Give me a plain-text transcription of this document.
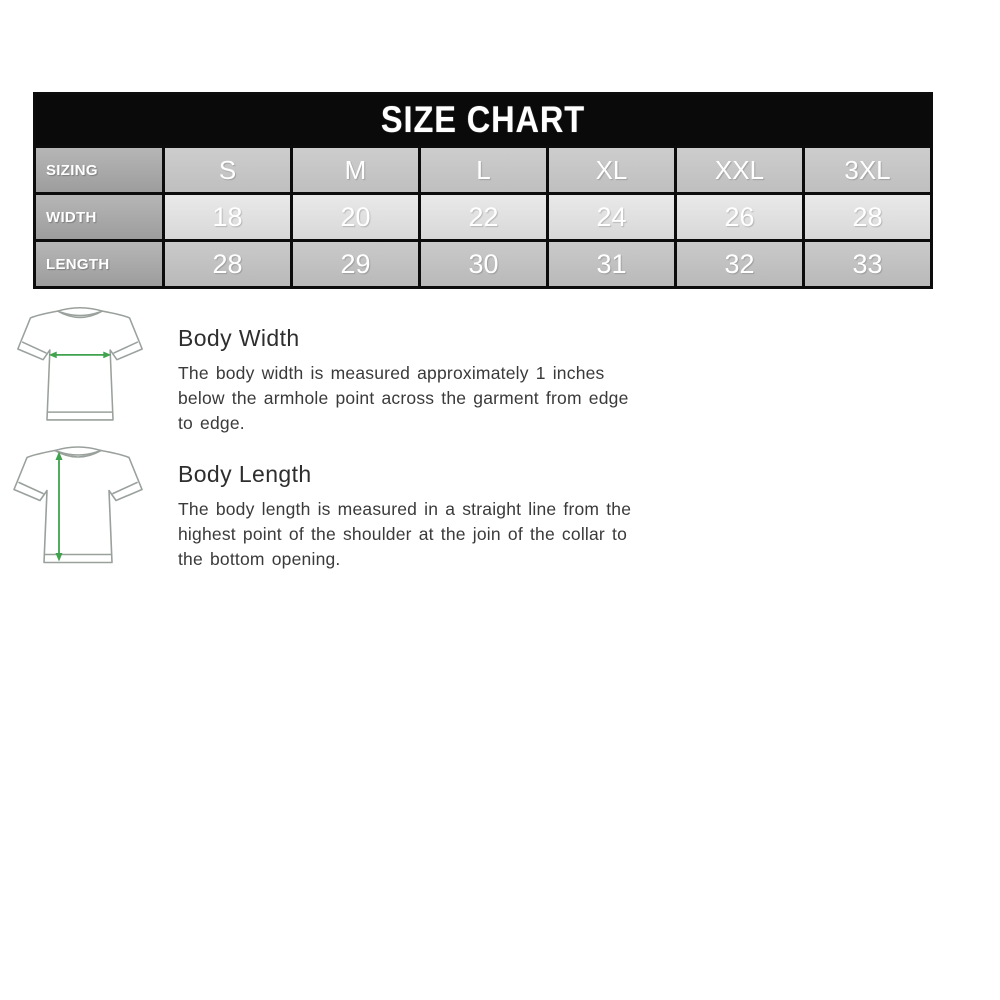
SIZE CHART
SIZING	S	M	L	XL	XXL	3XL
WIDTH	18	20	22	24	26	28
LENGTH	28	29	30	31	32	33
Body Width
The body width is measured approximately 1 inches below the armhole point across the garment from edge to edge.
Body Length
The body length is measured in a straight line from the highest point of the shoulder at the join of the collar to the bottom opening.
